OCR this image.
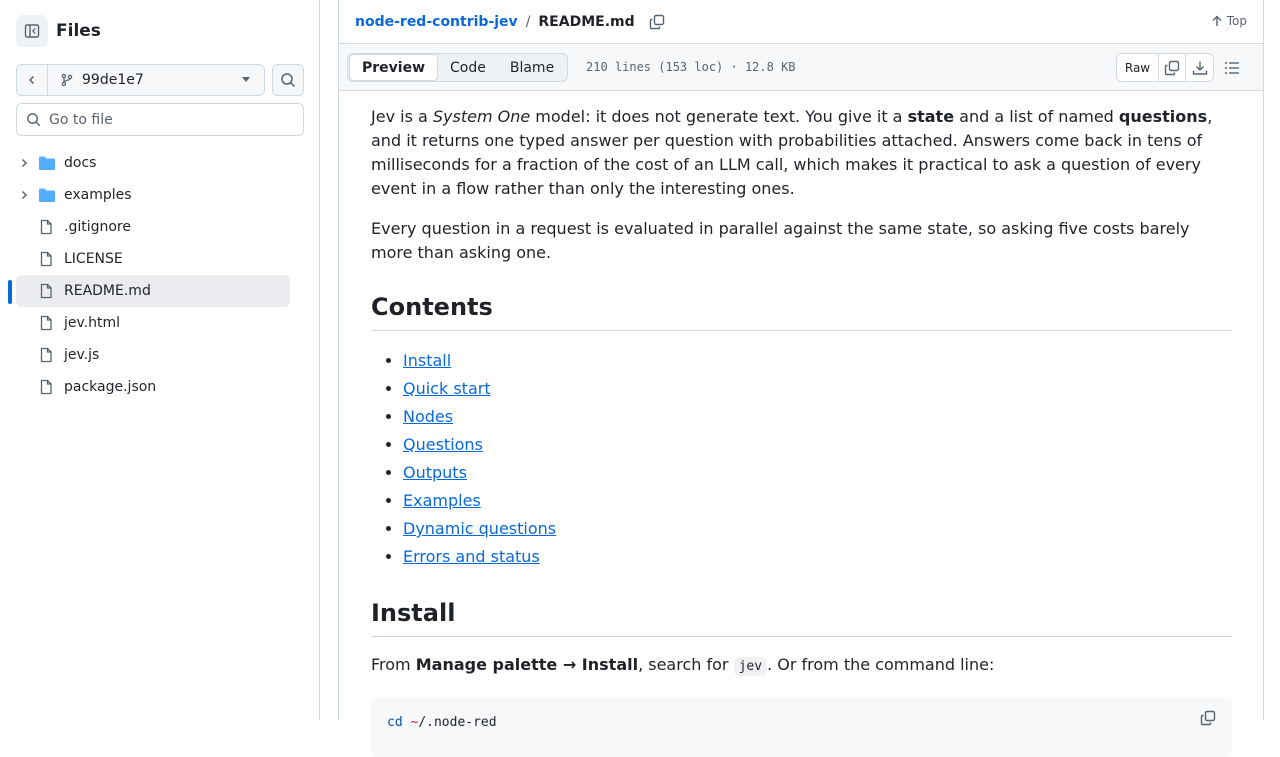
Files
99de1e7
Go to file
docs
examples
.gitignore
LICENSE
README.md
jev.html
jev.js
package.json
node-red-contrib-jev / README.md	Top
Preview	Code	Blame	210 lines (153 loc) · 12.8 KB	Raw

Jev is a System One model: it does not generate text. You give it a state and a list of named questions, and it returns one typed answer per question with probabilities attached. Answers come back in tens of milliseconds for a fraction of the cost of an LLM call, which makes it practical to ask a question of every event in a flow rather than only the interesting ones.

Every question in a request is evaluated in parallel against the same state, so asking five costs barely more than asking one.

Contents
• Install
• Quick start
• Nodes
• Questions
• Outputs
• Examples
• Dynamic questions
• Errors and status
Install

From Manage palette → Install, search for jev . Or from the command line:

cd ~/.node-red
